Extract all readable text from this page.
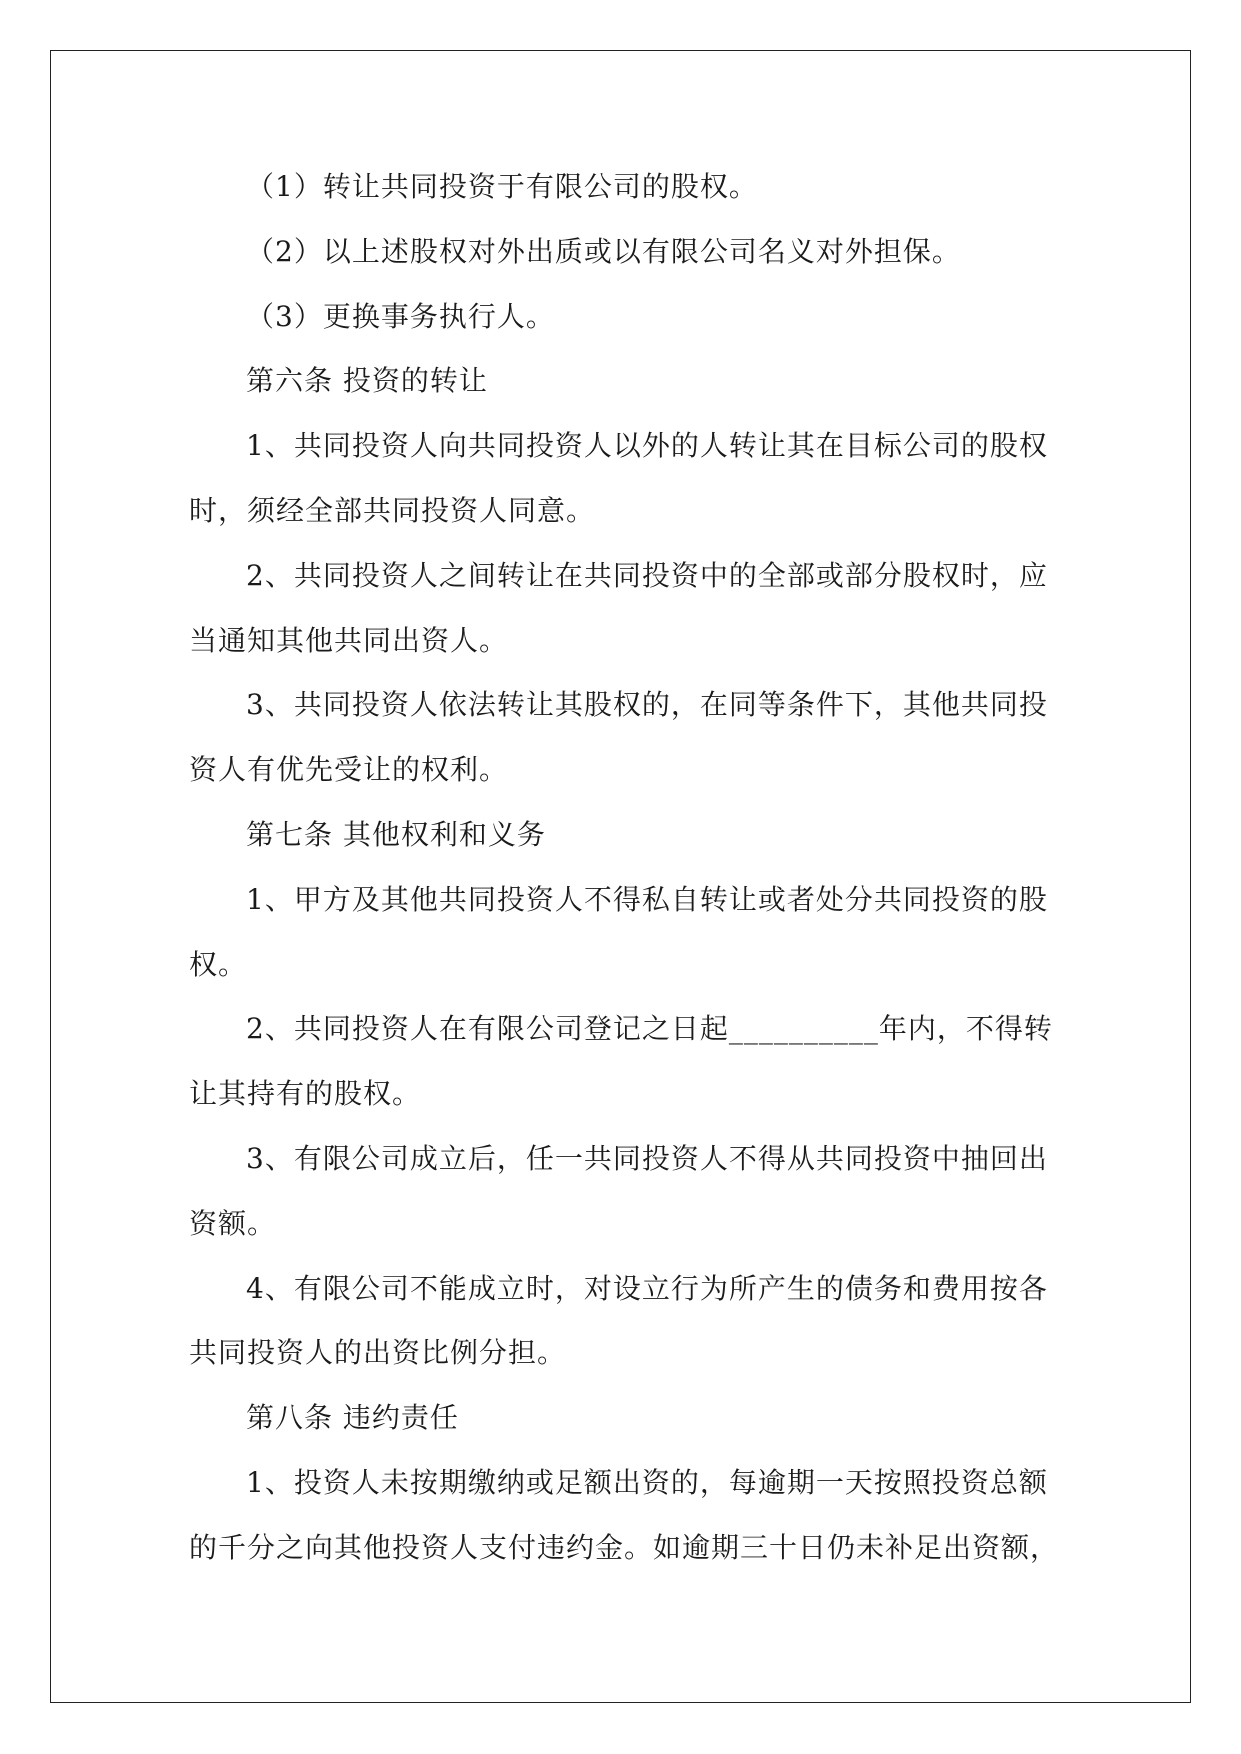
（1）转让共同投资于有限公司的股权。

（2）以上述股权对外出质或以有限公司名义对外担保。

（3）更换事务执行人。

第六条 投资的转让

1、共同投资人向共同投资人以外的人转让其在目标公司的股权

时，须经全部共同投资人同意。

2、共同投资人之间转让在共同投资中的全部或部分股权时，应

当通知其他共同出资人。

3、共同投资人依法转让其股权的，在同等条件下，其他共同投

资人有优先受让的权利。

第七条 其他权利和义务

1、甲方及其他共同投资人不得私自转让或者处分共同投资的股

权。

2、共同投资人在有限公司登记之日起__________年内，不得转

让其持有的股权。

3、有限公司成立后，任一共同投资人不得从共同投资中抽回出

资额。

4、有限公司不能成立时，对设立行为所产生的债务和费用按各

共同投资人的出资比例分担。

第八条 违约责任

1、投资人未按期缴纳或足额出资的，每逾期一天按照投资总额

的千分之向其他投资人支付违约金。如逾期三十日仍未补足出资额，
